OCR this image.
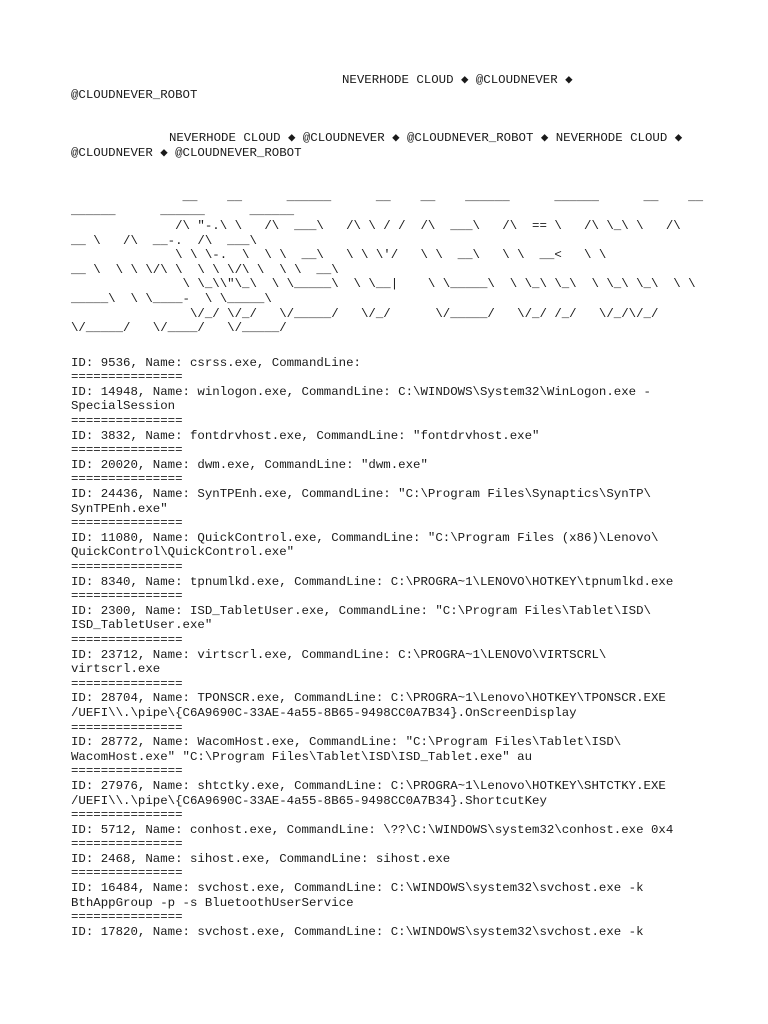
NEVERHODE CLOUD ◆ @CLOUDNEVER ◆
@CLOUDNEVER_ROBOT
NEVERHODE CLOUD ◆ @CLOUDNEVER ◆ @CLOUDNEVER_ROBOT ◆ NEVERHODE CLOUD ◆
@CLOUDNEVER ◆ @CLOUDNEVER_ROBOT
__    __      ______      __    __    ______      ______      __    __
______      ______      ______
/\ "-.\ \   /\  ___\   /\ \ / /  /\  ___\   /\  == \   /\ \_\ \   /\
__ \   /\  __-.  /\  ___\
\ \ \-.  \  \ \  __\   \ \ \'/   \ \  __\   \ \  __<   \ \
__ \  \ \ \/\ \  \ \ \/\ \  \ \  __\
\ \_\\"\_\  \ \_____\  \ \__|    \ \_____\  \ \_\ \_\  \ \_\ \_\  \ \
_____\  \ \____-  \ \_____\
\/_/ \/_/   \/_____/   \/_/      \/_____/   \/_/ /_/   \/_/\/_/
\/_____/   \/____/   \/_____/
ID: 9536, Name: csrss.exe, CommandLine:
===============
ID: 14948, Name: winlogon.exe, CommandLine: C:\WINDOWS\System32\WinLogon.exe -
SpecialSession
===============
ID: 3832, Name: fontdrvhost.exe, CommandLine: "fontdrvhost.exe"
===============
ID: 20020, Name: dwm.exe, CommandLine: "dwm.exe"
===============
ID: 24436, Name: SynTPEnh.exe, CommandLine: "C:\Program Files\Synaptics\SynTP\
SynTPEnh.exe"
===============
ID: 11080, Name: QuickControl.exe, CommandLine: "C:\Program Files (x86)\Lenovo\
QuickControl\QuickControl.exe"
===============
ID: 8340, Name: tpnumlkd.exe, CommandLine: C:\PROGRA~1\LENOVO\HOTKEY\tpnumlkd.exe
===============
ID: 2300, Name: ISD_TabletUser.exe, CommandLine: "C:\Program Files\Tablet\ISD\
ISD_TabletUser.exe"
===============
ID: 23712, Name: virtscrl.exe, CommandLine: C:\PROGRA~1\LENOVO\VIRTSCRL\
virtscrl.exe
===============
ID: 28704, Name: TPONSCR.exe, CommandLine: C:\PROGRA~1\Lenovo\HOTKEY\TPONSCR.EXE
/UEFI\\.\pipe\{C6A9690C-33AE-4a55-8B65-9498CC0A7B34}.OnScreenDisplay
===============
ID: 28772, Name: WacomHost.exe, CommandLine: "C:\Program Files\Tablet\ISD\
WacomHost.exe" "C:\Program Files\Tablet\ISD\ISD_Tablet.exe" au
===============
ID: 27976, Name: shtctky.exe, CommandLine: C:\PROGRA~1\Lenovo\HOTKEY\SHTCTKY.EXE
/UEFI\\.\pipe\{C6A9690C-33AE-4a55-8B65-9498CC0A7B34}.ShortcutKey
===============
ID: 5712, Name: conhost.exe, CommandLine: \??\C:\WINDOWS\system32\conhost.exe 0x4
===============
ID: 2468, Name: sihost.exe, CommandLine: sihost.exe
===============
ID: 16484, Name: svchost.exe, CommandLine: C:\WINDOWS\system32\svchost.exe -k
BthAppGroup -p -s BluetoothUserService
===============
ID: 17820, Name: svchost.exe, CommandLine: C:\WINDOWS\system32\svchost.exe -k
